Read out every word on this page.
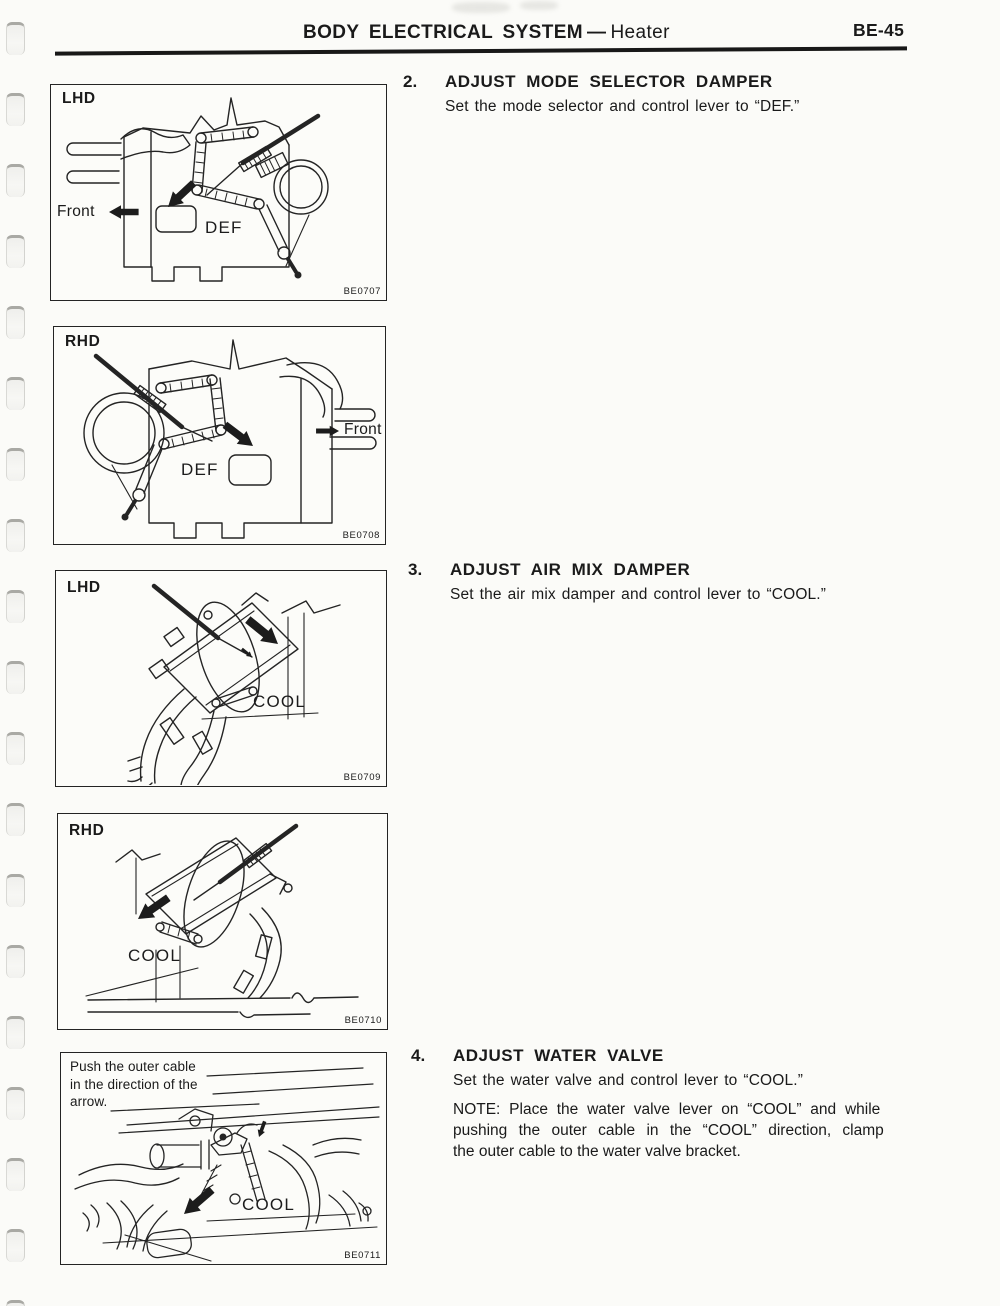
BODY ELECTRICAL SYSTEM — Heater	BE-45
LHD
Front
DEF
BE0707
RHD
Front
DEF
BE0708
LHD
COOL
BE0709
RHD
COOL
BE0710
Push the outer cable
in the direction of the
arrow.
COOL
BE0711
2.	ADJUST MODE SELECTOR DAMPER

Set the mode selector and control lever to “DEF.”

3.	ADJUST AIR MIX DAMPER

Set the air mix damper and control lever to “COOL.”

4.	ADJUST WATER VALVE

Set the water valve and control lever to “COOL.”

NOTE: Place the water valve lever on “COOL” and while
pushing the outer cable in the “COOL” direction, clamp
the outer cable to the water valve bracket.
